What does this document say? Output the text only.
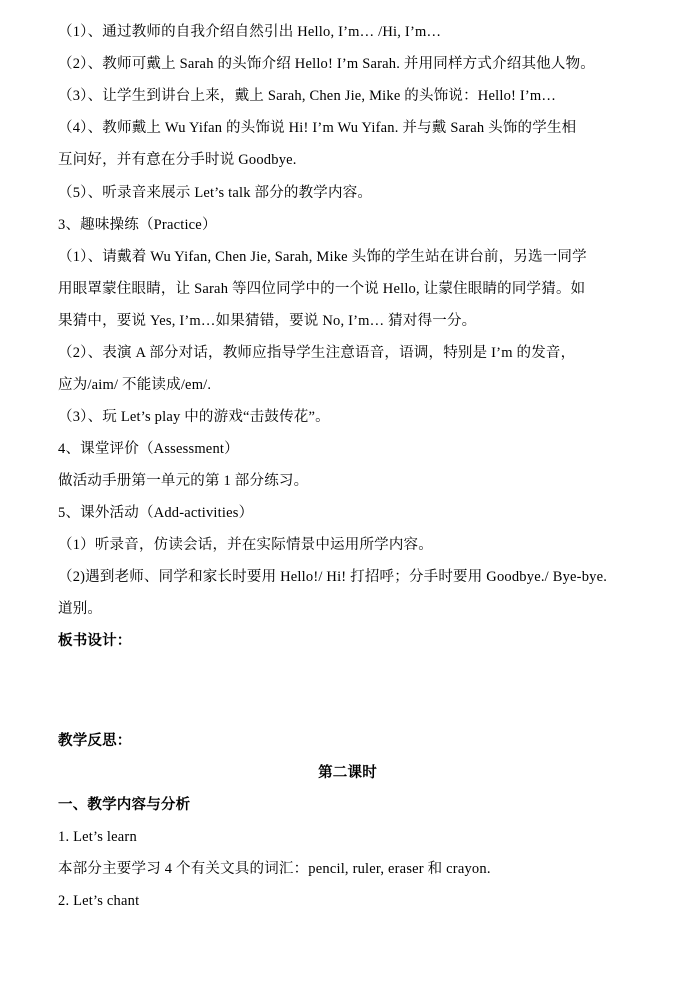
（1）、通过教师的自我介绍自然引出 Hello, I’m… /Hi, I’m…
（2）、教师可戴上 Sarah 的头饰介绍 Hello! I’m Sarah. 并用同样方式介绍其他人物。
（3）、让学生到讲台上来，戴上 Sarah, Chen Jie, Mike 的头饰说：Hello! I’m…
（4）、教师戴上 Wu Yifan 的头饰说 Hi! I’m Wu Yifan. 并与戴 Sarah 头饰的学生相
互问好，并有意在分手时说 Goodbye.
（5）、听录音来展示 Let’s talk 部分的教学内容。
3、趣味操练（Practice）
（1）、请戴着 Wu Yifan, Chen Jie, Sarah, Mike 头饰的学生站在讲台前，另选一同学
用眼罩蒙住眼睛，让 Sarah 等四位同学中的一个说 Hello, 让蒙住眼睛的同学猜。如
果猜中，要说 Yes, I’m…如果猜错，要说 No, I’m… 猜对得一分。
（2）、表演 A 部分对话，教师应指导学生注意语音，语调，特别是 I’m 的发音，
应为/aim/ 不能读成/em/.
（3）、玩 Let’s play 中的游戏“击鼓传花”。
4、课堂评价（Assessment）
做活动手册第一单元的第 1 部分练习。
5、课外活动（Add-activities）
（1）听录音，仿读会话，并在实际情景中运用所学内容。
（2)遇到老师、同学和家长时要用 Hello!/ Hi! 打招呼；分手时要用 Goodbye./ Bye-bye.
道别。
板书设计：
教学反思：
第二课时
一、教学内容与分析
1. Let’s learn
本部分主要学习 4 个有关文具的词汇：pencil, ruler, eraser 和 crayon.
2. Let’s chant
